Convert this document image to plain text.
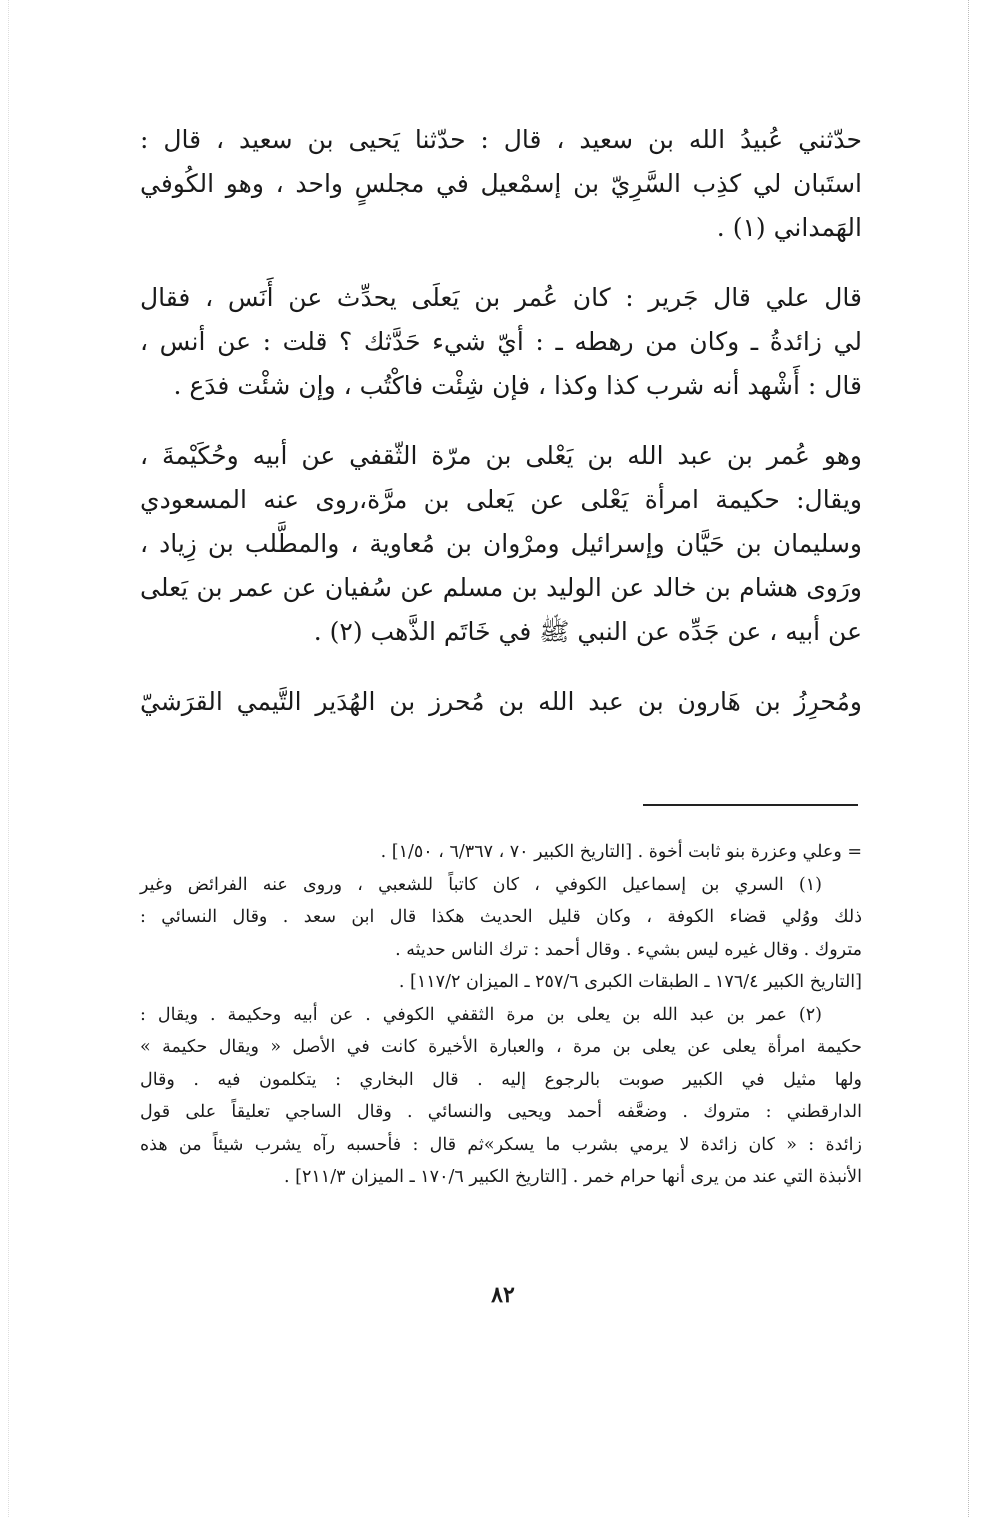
حدّثني عُبيدُ الله بن سعيد ، قال : حدّثنا يَحيى بن سعيد ، قال :
استَبان لي كذِب السَّرِيّ بن إسمْعيل في مجلسٍ واحد ، وهو الكُوفي
الهَمداني (١) .
قال علي قال جَرير : كان عُمر بن يَعلَى يحدِّث عن أَنَس ، فقال
لي زائدةُ ـ وكان من رهطه ـ : أيّ شيء حَدَّثك ؟ قلت : عن أنس ،
قال : أَشْهد أنه شرب كذا وكذا ، فإن شِئْت فاكْتُب ، وإن شئْت فدَع .
وهو عُمر بن عبد الله بن يَعْلى بن مرّة الثّقفي عن أبيه وحُكَيْمةَ ،
ويقال: حكيمة امرأة يَعْلى عن يَعلى بن مرَّة،روى عنه المسعودي
وسليمان بن حَيَّان وإسرائيل ومرْوان بن مُعاوية ، والمطَّلب بن زِياد ،
ورَوى هشام بن خالد عن الوليد بن مسلم عن سُفيان عن عمر بن يَعلى
عن أبيه ، عن جَدِّه عن النبي ﷺ في خَاتَم الذَّهب (٢) .
ومُحرِزُ بن هَارون بن عبد الله بن مُحرز بن الهُدَير التَّيمي القرَشيّ
= وعلي وعزرة بنو ثابت أخوة . [التاريخ الكبير ٧٠ ، ٦/٣٦٧ ، ١/٥٠] .
(١) السري بن إسماعيل الكوفي ، كان كاتباً للشعبي ، وروى عنه الفرائض وغير
ذلك ووُلي قضاء الكوفة ، وكان قليل الحديث هكذا قال ابن سعد . وقال النسائي :
متروك . وقال غيره ليس بشيء . وقال أحمد : ترك الناس حديثه .
[التاريخ الكبير ١٧٦/٤ ـ الطبقات الكبرى ٢٥٧/٦ ـ الميزان ١١٧/٢] .
(٢) عمر بن عبد الله بن يعلى بن مرة الثقفي الكوفي . عن أبيه وحكيمة . ويقال :
حكيمة امرأة يعلى عن يعلى بن مرة ، والعبارة الأخيرة كانت في الأصل « ويقال حكيمة »
ولها مثيل في الكبير صوبت بالرجوع إليه . قال البخاري : يتكلمون فيه . وقال
الدارقطني : متروك . وضعَّفه أحمد ويحيى والنسائي . وقال الساجي تعليقاً على قول
زائدة : « كان زائدة لا يرمي بشرب ما يسكر»ثم قال : فأحسبه رآه يشرب شيئاً من هذه
الأنبذة التي عند من يرى أنها حرام خمر . [التاريخ الكبير ١٧٠/٦ ـ الميزان ٢١١/٣] .
٨٢
